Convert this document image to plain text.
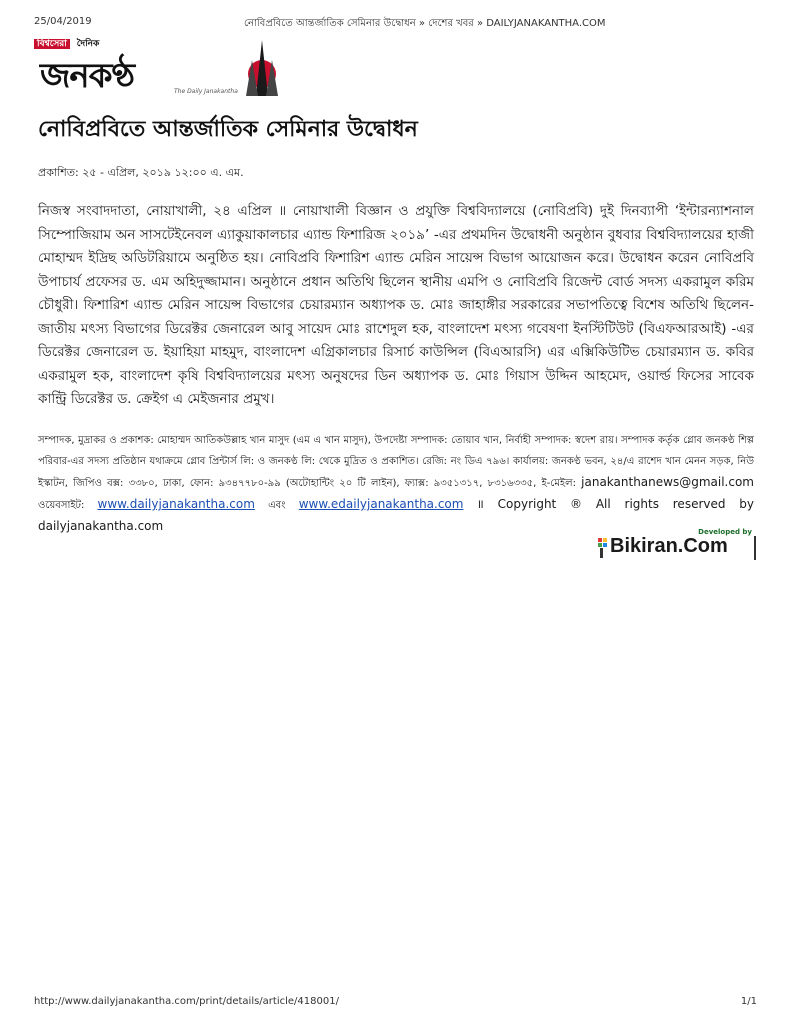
25/04/2019	নোবিপ্রবিতে আন্তর্জাতিক সেমিনার উদ্বোধন » দেশের খবর » DAILYJANAKANTHA.COM
বিশ্বসেরা দৈনিক
জনকণ্ঠ	The Daily Janakantha
নোবিপ্রবিতে আন্তর্জাতিক সেমিনার উদ্বোধন
প্রকাশিত: ২৫ - এপ্রিল, ২০১৯ ১২:০০ এ. এম.

নিজস্ব সংবাদদাতা, নোয়াখালী, ২৪ এপ্রিল ॥ নোয়াখালী বিজ্ঞান ও প্রযুক্তি বিশ্ববিদ্যালয়ে (নোবিপ্রবি) দুই দিনব্যাপী ‘ইন্টারন্যাশনাল সিম্পোজিয়াম অন সাসটেইনেবল এ্যাকুয়াকালচার এ্যান্ড ফিশারিজ ২০১৯’ -এর প্রথমদিন উদ্বোধনী অনুষ্ঠান বুধবার বিশ্ববিদ্যালয়ের হাজী মোহাম্মদ ইদ্রিছ অডিটরিয়ামে অনুষ্ঠিত হয়। নোবিপ্রবি ফিশারিশ এ্যান্ড মেরিন সায়েন্স বিভাগ আয়োজন করে। উদ্বোধন করেন নোবিপ্রবি উপাচার্য প্রফেসর ড. এম অহিদুজ্জামান। অনুষ্ঠানে প্রধান অতিথি ছিলেন স্থানীয় এমপি ও নোবিপ্রবি রিজেন্ট বোর্ড সদস্য একরামুল করিম চৌধুরী। ফিশারিশ এ্যান্ড মেরিন সায়েন্স বিভাগের চেয়ারম্যান অধ্যাপক ড. মোঃ জাহাঙ্গীর সরকারের সভাপতিত্বে বিশেষ অতিথি ছিলেন- জাতীয় মৎস্য বিভাগের ডিরেক্টর জেনারেল আবু সায়েদ মোঃ রাশেদুল হক, বাংলাদেশ মৎস্য গবেষণা ইনস্টিটিউট (বিএফআরআই) -এর ডিরেক্টর জেনারেল ড. ইয়াহিয়া মাহমুদ, বাংলাদেশ এগ্রিকালচার রিসার্চ কাউন্সিল (বিএআরসি) এর এক্সিকিউটিভ চেয়ারম্যান ড. কবির একরামুল হক, বাংলাদেশ কৃষি বিশ্ববিদ্যালয়ের মৎস্য অনুষদের ডিন অধ্যাপক ড. মোঃ গিয়াস উদ্দিন আহমেদ, ওয়ার্ল্ড ফিসের সাবেক কান্ট্রি ডিরেক্টর ড. ক্রেইগ এ মেইজনার প্রমুখ।

সম্পাদক, মুদ্রাকর ও প্রকাশক: মোহাম্মদ আতিকউল্লাহ খান মাসুদ (এম এ খান মাসুদ), উপদেষ্টা সম্পাদক: তোয়াব খান, নির্বাহী সম্পাদক: স্বদেশ রায়। সম্পাদক কর্তৃক গ্লোব জনকণ্ঠ শিল্প পরিবার-এর সদস্য প্রতিষ্ঠান যথাক্রমে গ্লোব প্রিন্টার্স লি: ও জনকণ্ঠ লি: থেকে মুদ্রিত ও প্রকাশিত। রেজি: নং ডিএ ৭৯৬। কার্যালয়: জনকণ্ঠ ভবন, ২৪/এ রাশেদ খান মেনন সড়ক, নিউ ইস্কাটন, জিপিও বক্স: ৩৩৮০, ঢাকা, ফোন: ৯৩৪৭৭৮০-৯৯ (অটোহান্টিং ২০ টি লাইন), ফ্যাক্স: ৯৩৫১৩১৭, ৮৩১৬৩৩৫, ই-মেইল: janakanthanews@gmail.com ওয়েবসাইট: www.dailyjanakantha.com এবং www.edailyjanakantha.com ॥ Copyright ® All rights reserved by dailyjanakantha.com	Developed by
Bikiran.Com
http://www.dailyjanakantha.com/print/details/article/418001/	1/1
